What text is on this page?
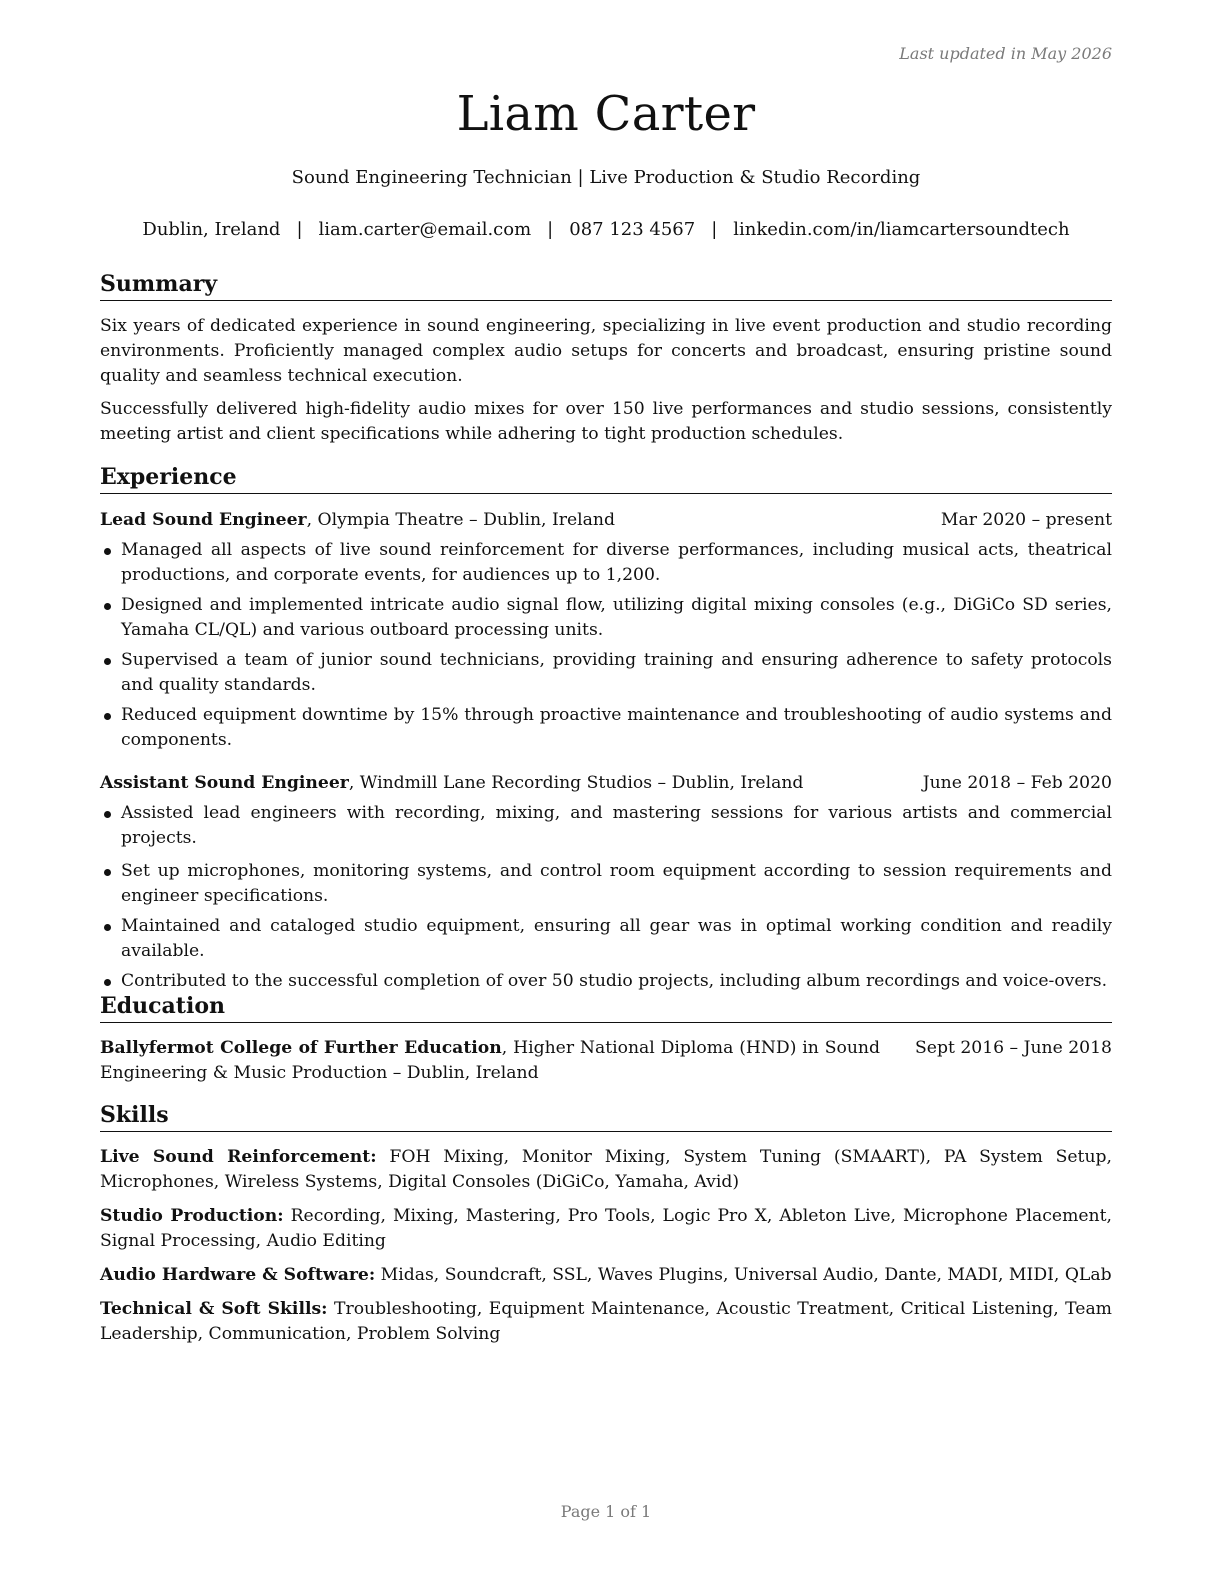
Last updated in May 2026
Liam Carter
Sound Engineering Technician | Live Production & Studio Recording
Dublin, Ireland | liam.carter@email.com | 087 123 4567 | linkedin.com/in/liamcartersoundtech
Summary

Six years of dedicated experience in sound engineering, specializing in live event production and studio recording environments. Proficiently managed complex audio setups for concerts and broadcast, ensuring pristine sound quality and seamless technical execution.

Successfully delivered high-fidelity audio mixes for over 150 live performances and studio sessions, consistently meeting artist and client specifications while adhering to tight production schedules.

Experience
Lead Sound Engineer, Olympia Theatre – Dublin, Ireland	Mar 2020 – present
Managed all aspects of live sound reinforcement for diverse performances, including musical acts, theatrical productions, and corporate events, for audiences up to 1,200.
Designed and implemented intricate audio signal flow, utilizing digital mixing consoles (e.g., DiGiCo SD series, Yamaha CL/QL) and various outboard processing units.
Supervised a team of junior sound technicians, providing training and ensuring adherence to safety protocols and quality standards.
Reduced equipment downtime by 15% through proactive maintenance and troubleshooting of audio systems and components.
Assistant Sound Engineer, Windmill Lane Recording Studios – Dublin, Ireland	June 2018 – Feb 2020
Assisted lead engineers with recording, mixing, and mastering sessions for various artists and commercial projects.
Set up microphones, monitoring systems, and control room equipment according to session requirements and engineer specifications.
Maintained and cataloged studio equipment, ensuring all gear was in optimal working condition and readily available.
Contributed to the successful completion of over 50 studio projects, including album recordings and voice-overs.
Education
Ballyfermot College of Further Education, Higher National Diploma (HND) in Sound Engineering & Music Production – Dublin, Ireland
Sept 2016 – June 2018
Skills

Live Sound Reinforcement: FOH Mixing, Monitor Mixing, System Tuning (SMAART), PA System Setup, Microphones, Wireless Systems, Digital Consoles (DiGiCo, Yamaha, Avid)

Studio Production: Recording, Mixing, Mastering, Pro Tools, Logic Pro X, Ableton Live, Microphone Placement, Signal Processing, Audio Editing

Audio Hardware & Software: Midas, Soundcraft, SSL, Waves Plugins, Universal Audio, Dante, MADI, MIDI, QLab

Technical & Soft Skills: Troubleshooting, Equipment Maintenance, Acoustic Treatment, Critical Listening, Team Leadership, Communication, Problem Solving

Page 1 of 1
